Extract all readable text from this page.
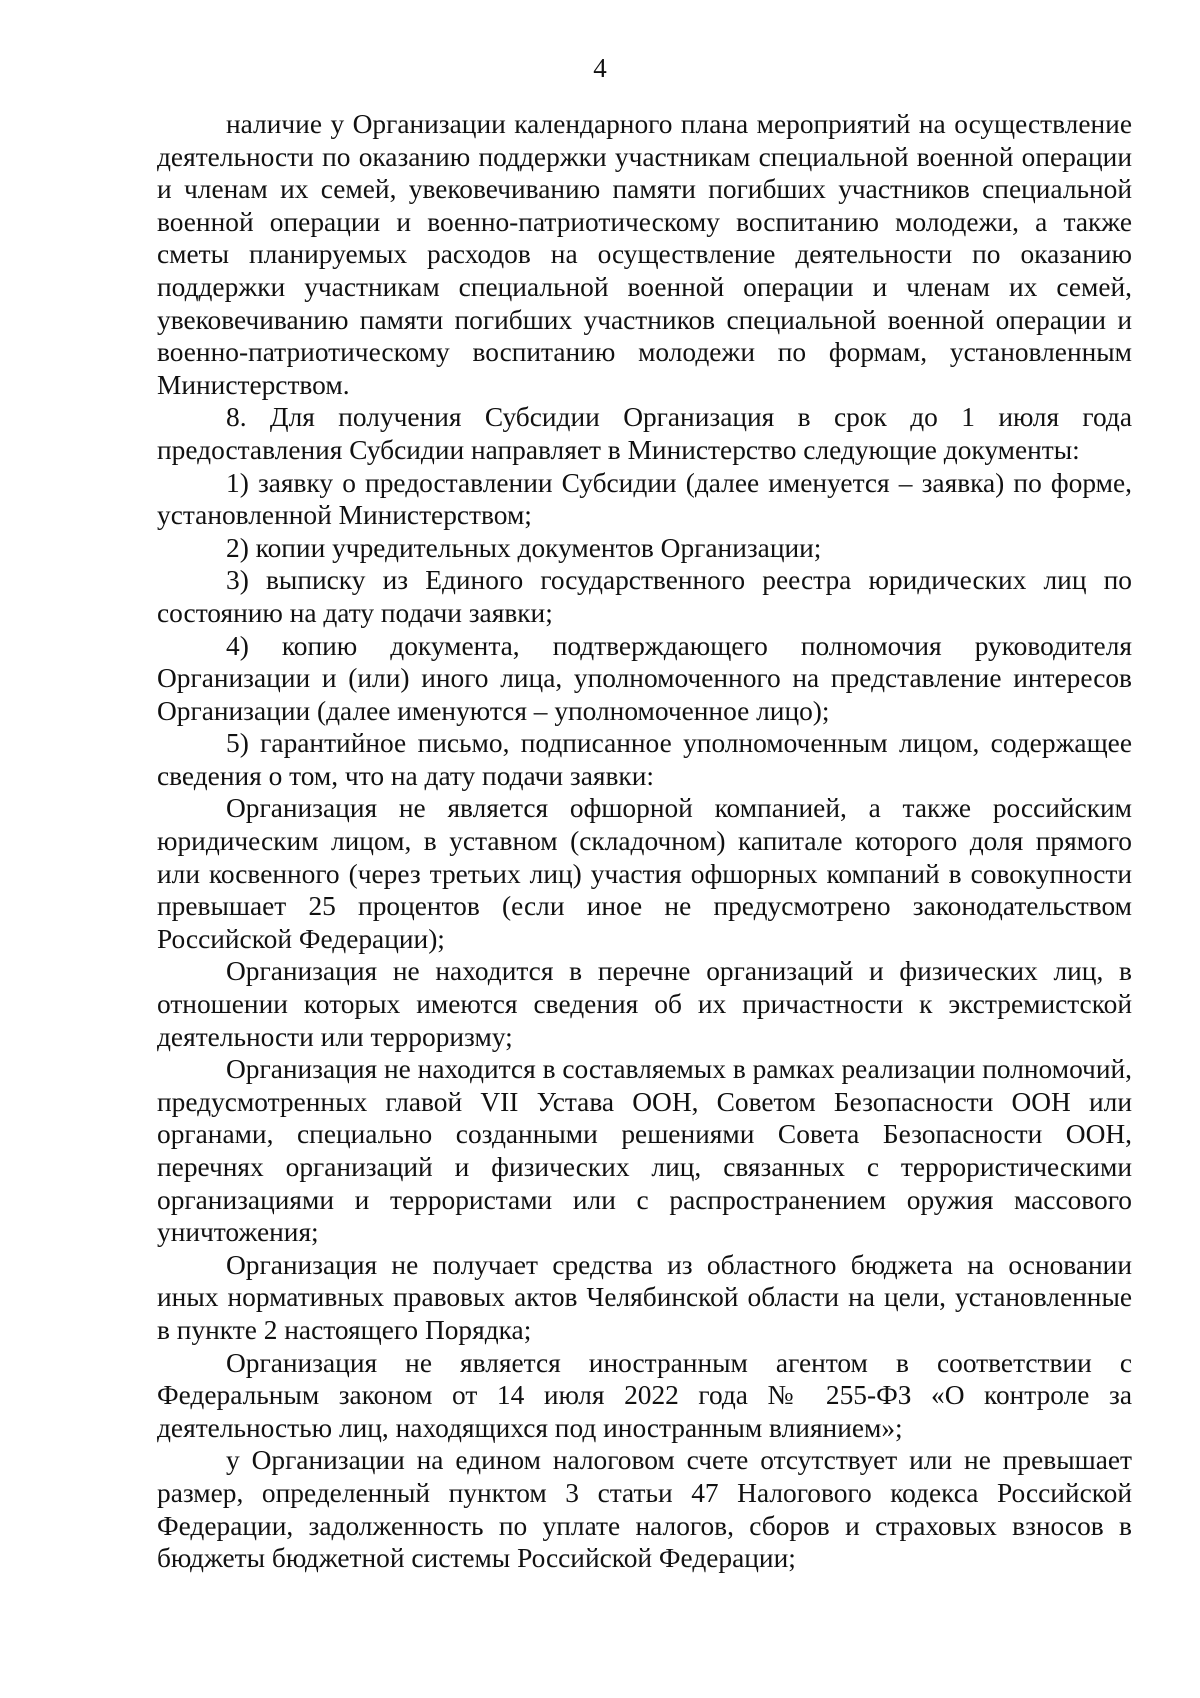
4

наличие у Организации календарного плана мероприятий на осуществление деятельности по оказанию поддержки участникам специальной военной операции и членам их семей, увековечиванию памяти погибших участников специальной военной операции и военно-патриотическому воспитанию молодежи, а также сметы планируемых расходов на осуществление деятельности по оказанию поддержки участникам специальной военной операции и членам их семей, увековечиванию памяти погибших участников специальной военной операции и военно-патриотическому воспитанию молодежи по формам, установленным Министерством.

8. Для получения Субсидии Организация в срок до 1 июля года предоставления Субсидии направляет в Министерство следующие документы:

1) заявку о предоставлении Субсидии (далее именуется – заявка) по форме, установленной Министерством;

2) копии учредительных документов Организации;

3) выписку из Единого государственного реестра юридических лиц по состоянию на дату подачи заявки;

4) копию документа, подтверждающего полномочия руководителя Организации и (или) иного лица, уполномоченного на представление интересов Организации (далее именуются – уполномоченное лицо);

5) гарантийное письмо, подписанное уполномоченным лицом, содержащее сведения о том, что на дату подачи заявки:

Организация не является офшорной компанией, а также российским юридическим лицом, в уставном (складочном) капитале которого доля прямого или косвенного (через третьих лиц) участия офшорных компаний в совокупности превышает 25 процентов (если иное не предусмотрено законодательством Российской Федерации);

Организация не находится в перечне организаций и физических лиц, в отношении которых имеются сведения об их причастности к экстремистской деятельности или терроризму;

Организация не находится в составляемых в рамках реализации полномочий, предусмотренных главой VII Устава ООН, Советом Безопасности ООН или органами, специально созданными решениями Совета Безопасности ООН, перечнях организаций и физических лиц, связанных с террористическими организациями и террористами или с распространением оружия массового уничтожения;

Организация не получает средства из областного бюджета на основании иных нормативных правовых актов Челябинской области на цели, установленные в пункте 2 настоящего Порядка;

Организация не является иностранным агентом в соответствии с Федеральным законом от 14 июля 2022 года № 255-ФЗ «О контроле за деятельностью лиц, находящихся под иностранным влиянием»;

у Организации на едином налоговом счете отсутствует или не превышает размер, определенный пунктом 3 статьи 47 Налогового кодекса Российской Федерации, задолженность по уплате налогов, сборов и страховых взносов в бюджеты бюджетной системы Российской Федерации;
